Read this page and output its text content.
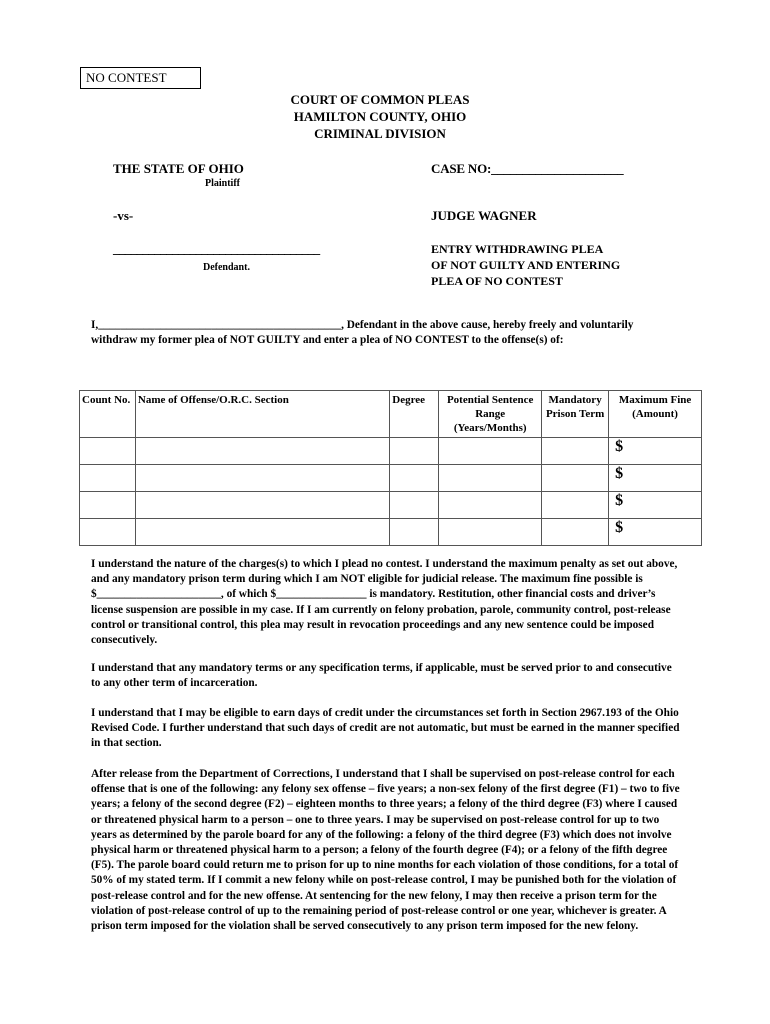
NO CONTEST
COURT OF COMMON PLEAS
HAMILTON COUNTY, OHIO
CRIMINAL DIVISION
THE STATE OF OHIO
Plaintiff
-vs-
___________________________________
Defendant.
CASE NO:_____________________
JUDGE WAGNER
ENTRY WITHDRAWING PLEA
OF NOT GUILTY AND ENTERING
PLEA OF NO CONTEST
I,___________________________________________, Defendant in the above cause, hereby freely and voluntarily withdraw my former plea of NOT GUILTY and enter a plea of NO CONTEST to the offense(s) of:
Count No.	Name of Offense/O.R.C. Section	Degree	Potential Sentence Range (Years/Months)	Mandatory Prison Term	Maximum Fine (Amount)
					$
					$
					$
					$
I understand the nature of the charges(s) to which I plead no contest. I understand the maximum penalty as set out above, and any mandatory prison term during which I am NOT eligible for judicial release. The maximum fine possible is $______________________, of which $________________ is mandatory. Restitution, other financial costs and driver’s license suspension are possible in my case. If I am currently on felony probation, parole, community control, post-release control or transitional control, this plea may result in revocation proceedings and any new sentence could be imposed consecutively.
I understand that any mandatory terms or any specification terms, if applicable, must be served prior to and consecutive to any other term of incarceration.
I understand that I may be eligible to earn days of credit under the circumstances set forth in Section 2967.193 of the Ohio Revised Code. I further understand that such days of credit are not automatic, but must be earned in the manner specified in that section.
After release from the Department of Corrections, I understand that I shall be supervised on post-release control for each offense that is one of the following: any felony sex offense – five years; a non-sex felony of the first degree (F1) – two to five years; a felony of the second degree (F2) – eighteen months to three years; a felony of the third degree (F3) where I caused or threatened physical harm to a person – one to three years. I may be supervised on post-release control for up to two years as determined by the parole board for any of the following: a felony of the third degree (F3) which does not involve physical harm or threatened physical harm to a person; a felony of the fourth degree (F4); or a felony of the fifth degree (F5). The parole board could return me to prison for up to nine months for each violation of those conditions, for a total of 50% of my stated term. If I commit a new felony while on post-release control, I may be punished both for the violation of post-release control and for the new offense. At sentencing for the new felony, I may then receive a prison term for the violation of post-release control of up to the remaining period of post-release control or one year, whichever is greater. A prison term imposed for the violation shall be served consecutively to any prison term imposed for the new felony.
